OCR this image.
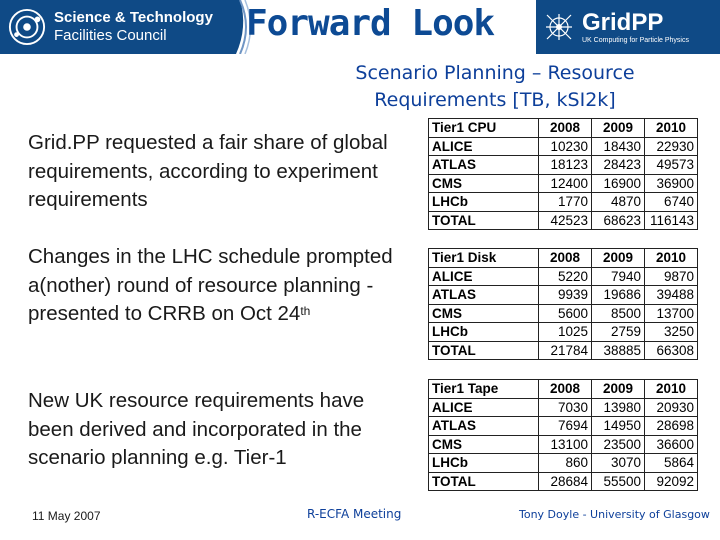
Science & Technology
Facilities Council	Forward Look	GridPP
UK Computing for Particle Physics
Scenario Planning – Resource
Requirements [TB, kSI2k]
Grid.PP requested a fair share of global requirements, according to experiment requirements
Changes in the LHC schedule prompted a(nother) round of resource planning - presented to CRRB on Oct 24th
New UK resource requirements have been derived and incorporated in the scenario planning e.g. Tier-1
Tier1 CPU	2008	2009	2010
ALICE	10230	18430	22930
ATLAS	18123	28423	49573
CMS	12400	16900	36900
LHCb	1770	4870	6740
TOTAL	42523	68623	116143
Tier1 Disk	2008	2009	2010
ALICE	5220	7940	9870
ATLAS	9939	19686	39488
CMS	5600	8500	13700
LHCb	1025	2759	3250
TOTAL	21784	38885	66308
Tier1 Tape	2008	2009	2010
ALICE	7030	13980	20930
ATLAS	7694	14950	28698
CMS	13100	23500	36600
LHCb	860	3070	5864
TOTAL	28684	55500	92092
11 May 2007	R-ECFA Meeting	Tony Doyle - University of Glasgow
